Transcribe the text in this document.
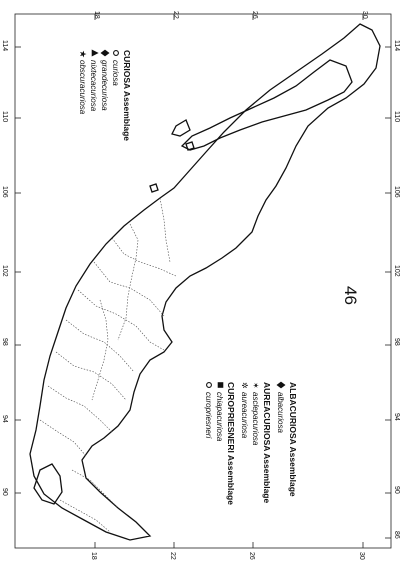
30
26
22
18
18	22	26	30
114
110
106
102
98
94
90
114
110
106
102
98
94
90
86
46
CURIOSA Assemblage
curiosa
grandecuriosa
nixtecacuriosa
★
obscuracuriosa
ALBACURIOSA Assemblage
albacuriosa
AUREACURIOSA Assemblage
✶
asclepacuriosa
✲
aureacuriosa
CUROPRIESNERI Assemblage
chiapacuriosa
curopriesneri
